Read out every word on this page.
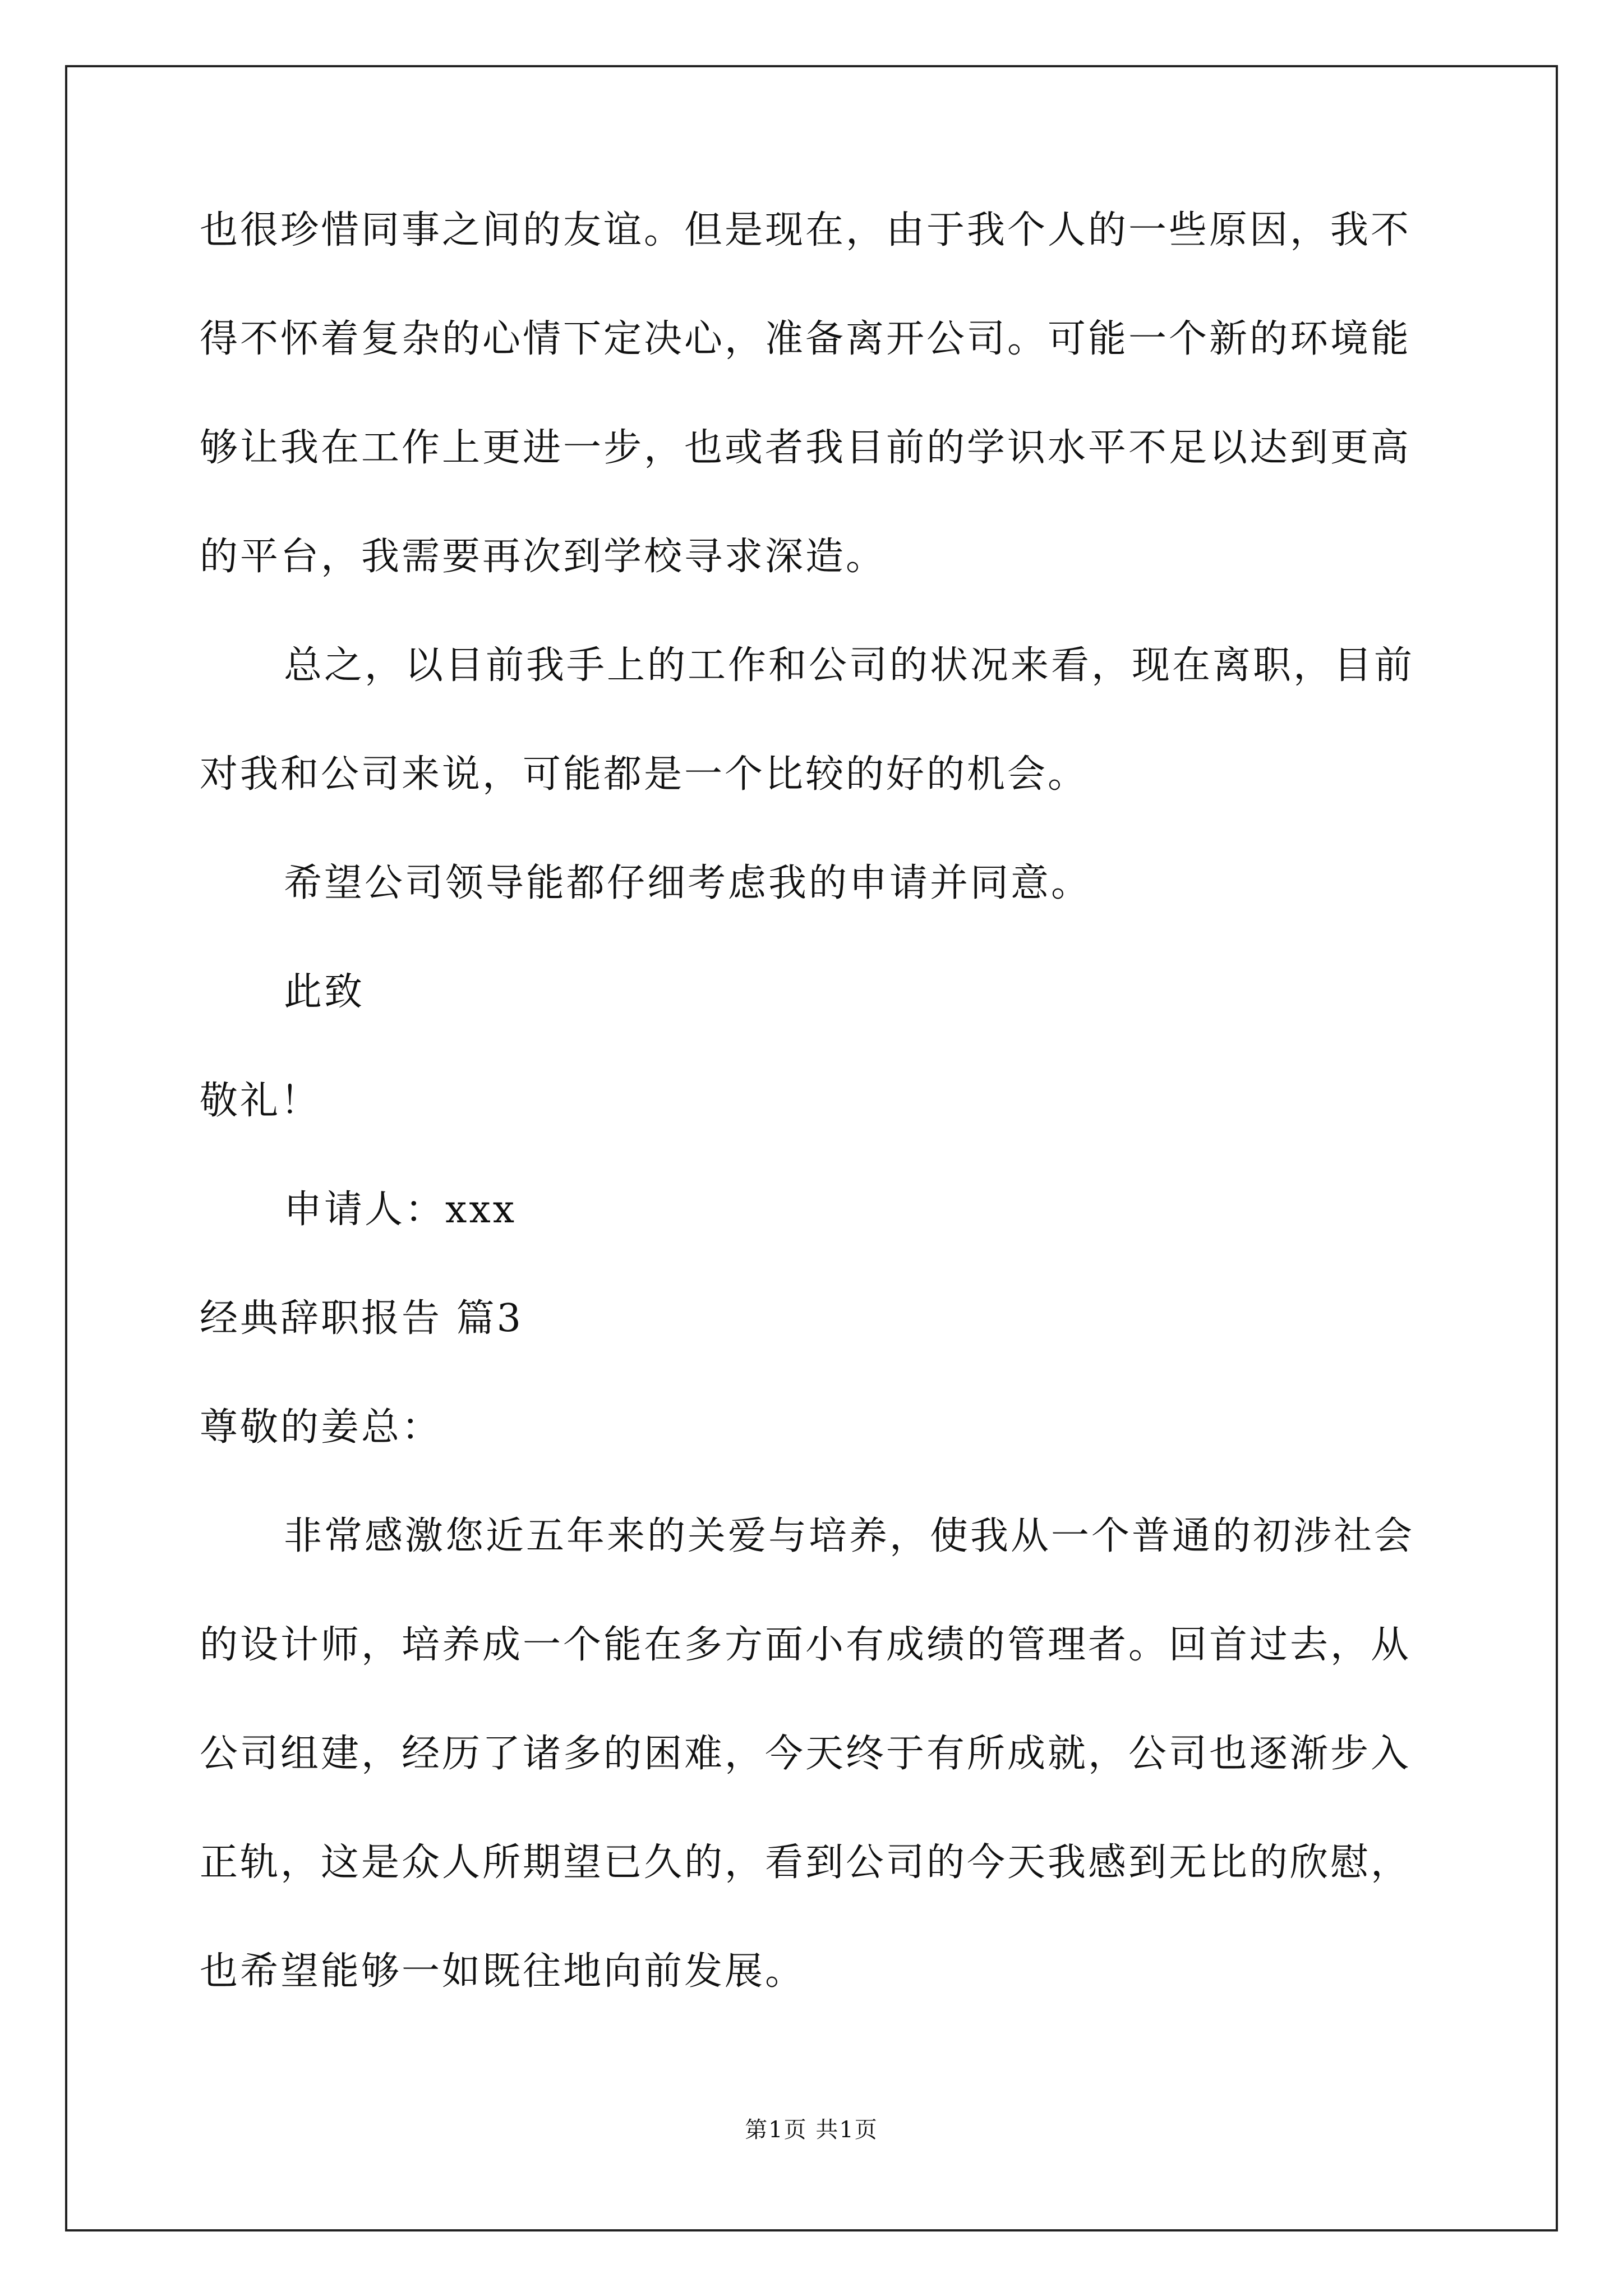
也很珍惜同事之间的友谊。但是现在，由于我个人的一些原因，我不
得不怀着复杂的心情下定决心，准备离开公司。可能一个新的环境能
够让我在工作上更进一步，也或者我目前的学识水平不足以达到更高
的平台，我需要再次到学校寻求深造。
总之，以目前我手上的工作和公司的状况来看，现在离职，目前
对我和公司来说，可能都是一个比较的好的机会。
希望公司领导能都仔细考虑我的申请并同意。
此致
敬礼！
申请人：xxx
经典辞职报告 篇3
尊敬的姜总：
非常感激您近五年来的关爱与培养，使我从一个普通的初涉社会
的设计师，培养成一个能在多方面小有成绩的管理者。回首过去，从
公司组建，经历了诸多的困难，今天终于有所成就，公司也逐渐步入
正轨，这是众人所期望已久的，看到公司的今天我感到无比的欣慰，
也希望能够一如既往地向前发展。
第1页 共1页
